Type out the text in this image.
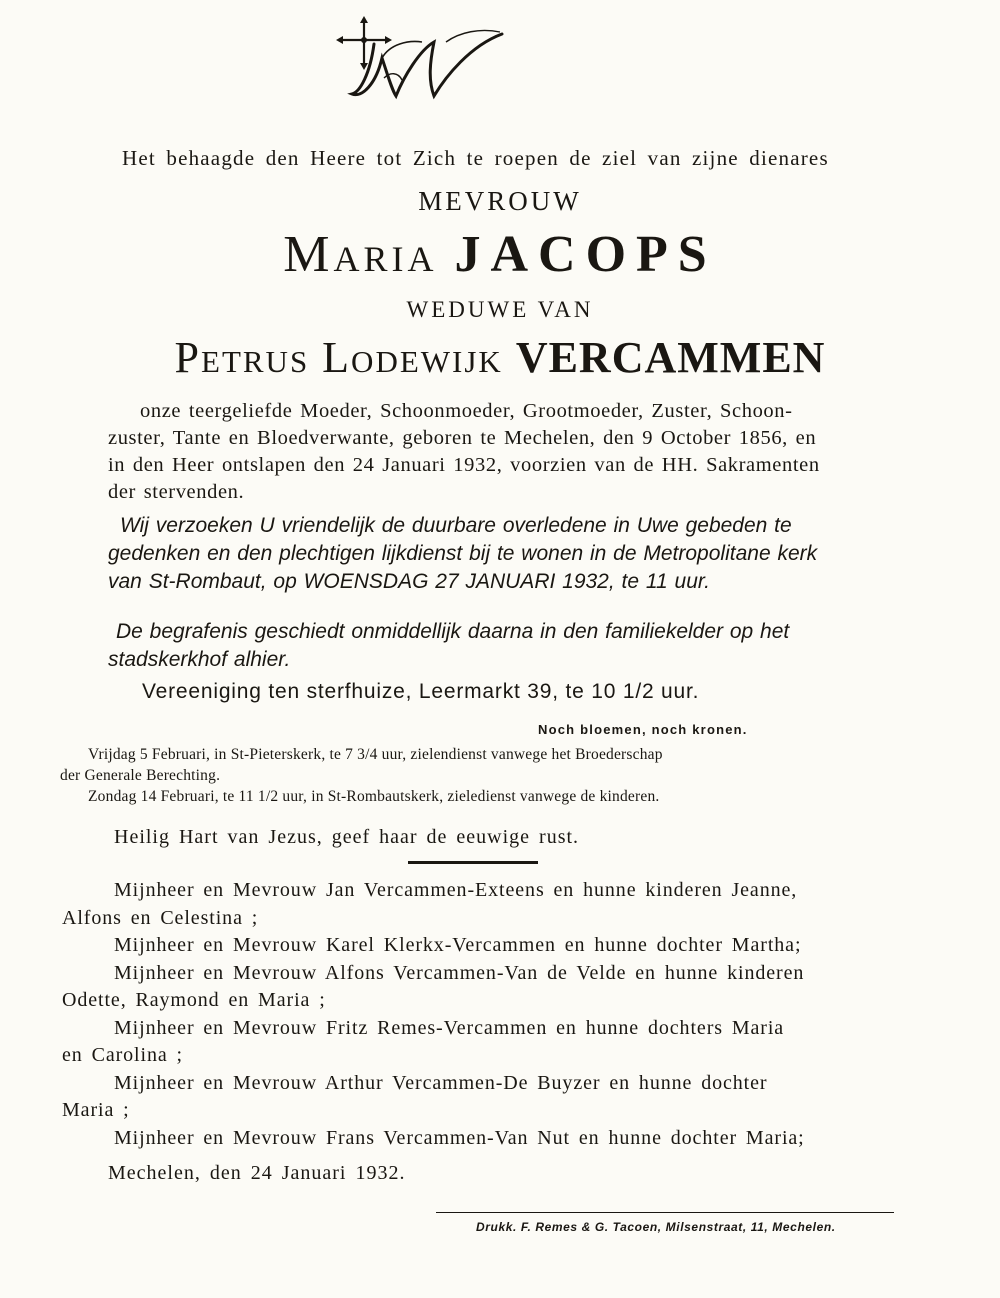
Het behaagde den Heere tot Zich te roepen de ziel van zijne dienares
MEVROUW
Maria JACOPS
WEDUWE VAN
Petrus Lodewijk VERCAMMEN
onze teergeliefde Moeder, Schoonmoeder, Grootmoeder, Zuster, Schoon-
zuster, Tante en Bloedverwante, geboren te Mechelen, den 9 October 1856, en
in den Heer ontslapen den 24 Januari 1932, voorzien van de HH. Sakramenten
der stervenden.
Wij verzoeken U vriendelijk de duurbare overledene in Uwe gebeden te
gedenken en den plechtigen lijkdienst bij te wonen in de Metropolitane kerk
van St-Rombaut, op WOENSDAG 27 JANUARI 1932, te 11 uur.
De begrafenis geschiedt onmiddellijk daarna in den familiekelder op het
stadskerkhof alhier.
Vereeniging ten sterfhuize, Leermarkt 39, te 10 1/2 uur.
Noch bloemen, noch kronen.
Vrijdag 5 Februari, in St-Pieterskerk, te 7 3/4 uur, zielendienst vanwege het Broederschap
der Generale Berechting.
Zondag 14 Februari, te 11 1/2 uur, in St-Rombautskerk, zieledienst vanwege de kinderen.
Heilig Hart van Jezus, geef haar de eeuwige rust.
Mijnheer en Mevrouw Jan Vercammen-Exteens en hunne kinderen Jeanne,
Alfons en Celestina ;
Mijnheer en Mevrouw Karel Klerkx-Vercammen en hunne dochter Martha;
Mijnheer en Mevrouw Alfons Vercammen-Van de Velde en hunne kinderen
Odette, Raymond en Maria ;
Mijnheer en Mevrouw Fritz Remes-Vercammen en hunne dochters Maria
en Carolina ;
Mijnheer en Mevrouw Arthur Vercammen-De Buyzer en hunne dochter
Maria ;
Mijnheer en Mevrouw Frans Vercammen-Van Nut en hunne dochter Maria;
Mechelen, den 24 Januari 1932.
Drukk. F. Remes & G. Tacoen, Milsenstraat, 11, Mechelen.
